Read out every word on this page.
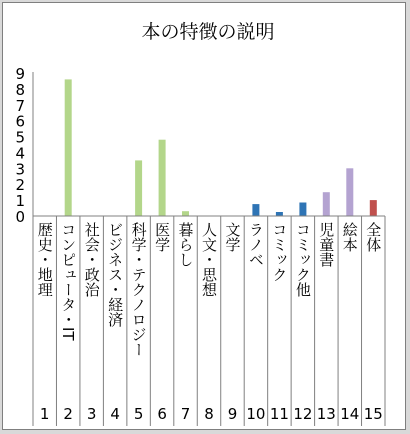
本の特徴の説明
0
1
2
3
4
5
6
7
8
9
歴史・地理 コンピュータ・IT 社会・政治 ビジネス・経済 科学・テクノロジー 医学 暮らし 人文・思想 文学 ラノベ コミック コミック他 児童書 絵本 全体
1 2 3 4 5 6 7 8 9 10 11 12 13 14 15
